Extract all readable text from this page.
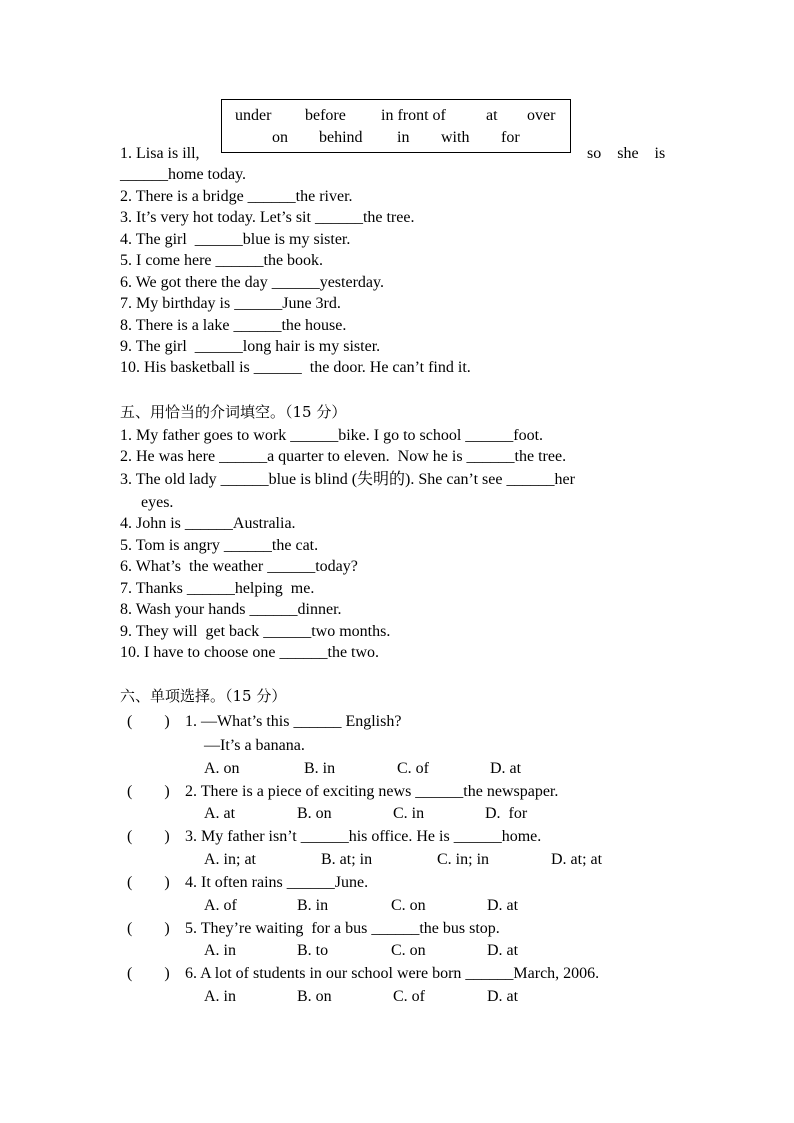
under before in front of	at over
on behind in with for
1. Lisa is ill,	so    she    is
______home today.
2. There is a bridge ______the river.
3. It’s very hot today. Let’s sit ______the tree.
4. The girl  ______blue is my sister.
5. I come here ______the book.
6. We got there the day ______yesterday.
7. My birthday is ______June 3rd.
8. There is a lake ______the house.
9. The girl  ______long hair is my sister.
10. His basketball is ______  the door. He can’t find it.
五、用恰当的介词填空。（15 分）
1. My father goes to work ______bike. I go to school ______foot.
2. He was here ______a quarter to eleven.  Now he is ______the tree.
3. The old lady ______blue is blind (失明的). She can’t see ______her
eyes.
4. John is ______Australia.
5. Tom is angry ______the cat.
6. What’s  the weather ______today?
7. Thanks ______helping  me.
8. Wash your hands ______dinner.
9. They will  get back ______two months.
10. I have to choose one ______the two.
六、单项选择。（15 分）
(        ) 1. —What’s this ______ English?
—It’s a banana.
A. on	B. in	C. of	D. at
(        ) 2. There is a piece of exciting news ______the newspaper.
A. at	B. on	C. in	D.  for
(        ) 3. My father isn’t ______his office. He is ______home.
A. in; at	B. at; in	C. in; in	D. at; at
(        ) 4. It often rains ______June.
A. of	B. in	C. on	D. at
(        ) 5. They’re waiting  for a bus ______the bus stop.
A. in	B. to	C. on	D. at
(        ) 6. A lot of students in our school were born ______March, 2006.
A. in	B. on	C. of	D. at
